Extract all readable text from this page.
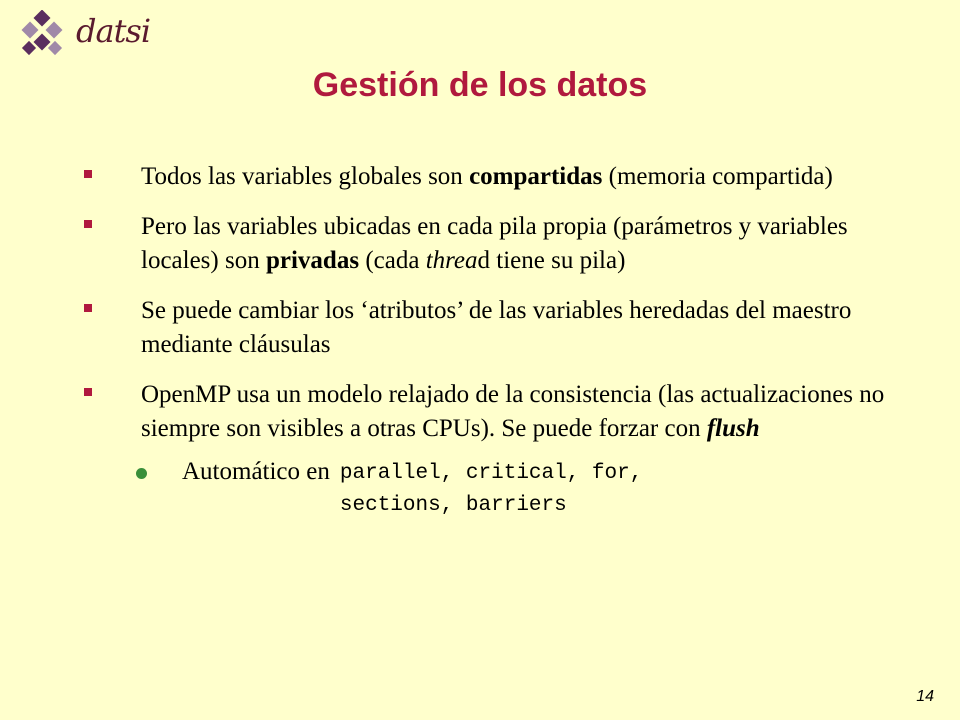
datsi
Gestión de los datos
Todos las variables globales son compartidas (memoria compartida)
Pero las variables ubicadas en cada pila propia (parámetros y variables locales) son privadas (cada thread tiene su pila)
Se puede cambiar los ‘atributos’ de las variables heredadas del maestro mediante cláusulas
OpenMP usa un modelo relajado de la consistencia (las actualizaciones no siempre son visibles a otras CPUs). Se puede forzar con flush
Automático en parallel, critical, for,
sections, barriers
14
